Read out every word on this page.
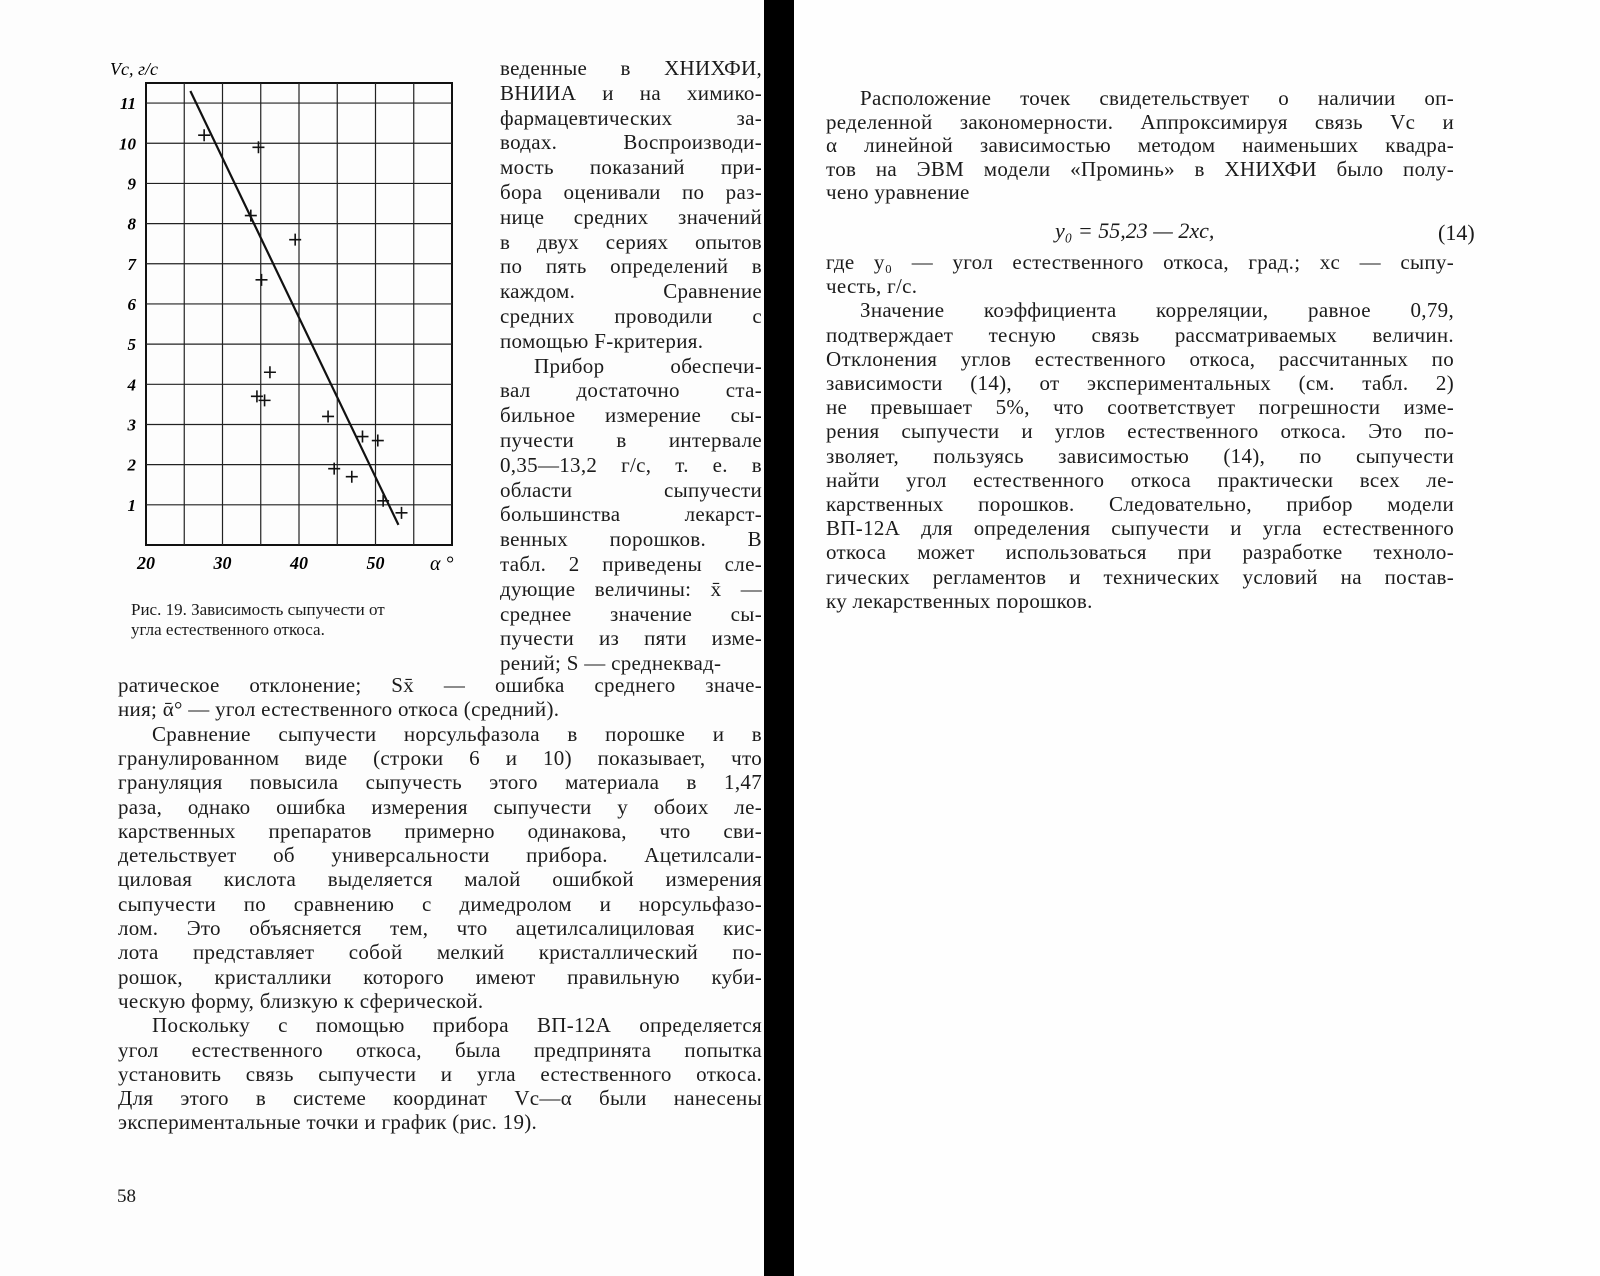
1
2
3
4
5
6
7
8
9
10
11
20	30	40	50
Vc, г/с
α °
Рис. 19. Зависимость сыпучести от
угла естественного откоса.
веденные в ХНИХФИ,
ВНИИА и на химико-
фармацевтических за-
водах. Воспроизводи-
мость показаний при-
бора оценивали по раз-
нице средних значений
в двух сериях опытов
по пять определений в
каждом. Сравнение
средних проводили с
помощью F-критерия.
Прибор обеспечи-
вал достаточно ста-
бильное измерение сы-
пучести в интервале
0,35—13,2 г/с, т. е. в
области сыпучести
большинства лекарст-
венных порошков. В
табл. 2 приведены сле-
дующие величины: x̄ —
среднее значение сы-
пучести из пяти изме-
рений; S — среднеквад-
ратическое отклонение; Sx̄ — ошибка среднего значе-
ния; ᾱ° — угол естественного откоса (средний).
Сравнение сыпучести норсульфазола в порошке и в
гранулированном виде (строки 6 и 10) показывает, что
грануляция повысила сыпучесть этого материала в 1,47
раза, однако ошибка измерения сыпучести у обоих ле-
карственных препаратов примерно одинакова, что сви-
детельствует об универсальности прибора. Ацетилсали-
циловая кислота выделяется малой ошибкой измерения
сыпучести по сравнению с димедролом и норсульфазо-
лом. Это объясняется тем, что ацетилсалициловая кис-
лота представляет собой мелкий кристаллический по-
рошок, кристаллики которого имеют правильную куби-
ческую форму, близкую к сферической.
Поскольку с помощью прибора ВП-12А определяется
угол естественного откоса, была предпринята попытка
установить связь сыпучести и угла естественного откоса.
Для этого в системе координат Vc—α были нанесены
экспериментальные точки и график (рис. 19).
58
Расположение точек свидетельствует о наличии оп-
ределенной закономерности. Аппроксимируя связь Vc и
α линейной зависимостью методом наименьших квадра-
тов на ЭВМ модели «Проминь» в ХНИХФИ было полу-
чено уравнение
y₀ = 55,23 — 2xc,	(14)
где y₀ — угол естественного откоса, град.; xc — сыпу-
честь, г/с.
Значение коэффициента корреляции, равное 0,79,
подтверждает тесную связь рассматриваемых величин.
Отклонения углов естественного откоса, рассчитанных по
зависимости (14), от экспериментальных (см. табл. 2)
не превышает 5%, что соответствует погрешности изме-
рения сыпучести и углов естественного откоса. Это по-
зволяет, пользуясь зависимостью (14), по сыпучести
найти угол естественного откоса практически всех ле-
карственных порошков. Следовательно, прибор модели
ВП-12А для определения сыпучести и угла естественного
откоса может использоваться при разработке техноло-
гических регламентов и технических условий на постав-
ку лекарственных порошков.
